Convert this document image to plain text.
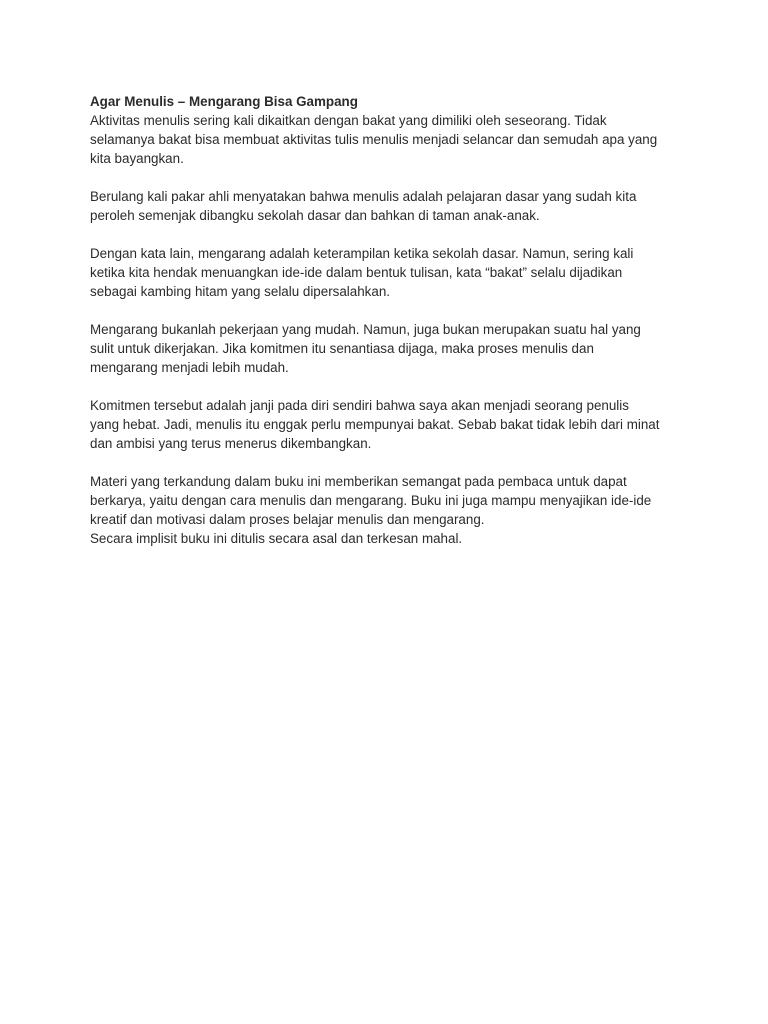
Agar Menulis – Mengarang Bisa Gampang

Aktivitas menulis sering kali dikaitkan dengan bakat yang dimiliki oleh seseorang. Tidak
selamanya bakat bisa membuat aktivitas tulis menulis menjadi selancar dan semudah apa yang
kita bayangkan.

Berulang kali pakar ahli menyatakan bahwa menulis adalah pelajaran dasar yang sudah kita
peroleh semenjak dibangku sekolah dasar dan bahkan di taman anak-anak.

Dengan kata lain, mengarang adalah keterampilan ketika sekolah dasar. Namun, sering kali
ketika kita hendak menuangkan ide-ide dalam bentuk tulisan, kata “bakat” selalu dijadikan
sebagai kambing hitam yang selalu dipersalahkan.

Mengarang bukanlah pekerjaan yang mudah. Namun, juga bukan merupakan suatu hal yang
sulit untuk dikerjakan. Jika komitmen itu senantiasa dijaga, maka proses menulis dan
mengarang menjadi lebih mudah.

Komitmen tersebut adalah janji pada diri sendiri bahwa saya akan menjadi seorang penulis
yang hebat. Jadi, menulis itu enggak perlu mempunyai bakat. Sebab bakat tidak lebih dari minat
dan ambisi yang terus menerus dikembangkan.

Materi yang terkandung dalam buku ini memberikan semangat pada pembaca untuk dapat
berkarya, yaitu dengan cara menulis dan mengarang. Buku ini juga mampu menyajikan ide-ide
kreatif dan motivasi dalam proses belajar menulis dan mengarang.
Secara implisit buku ini ditulis secara asal dan terkesan mahal.
